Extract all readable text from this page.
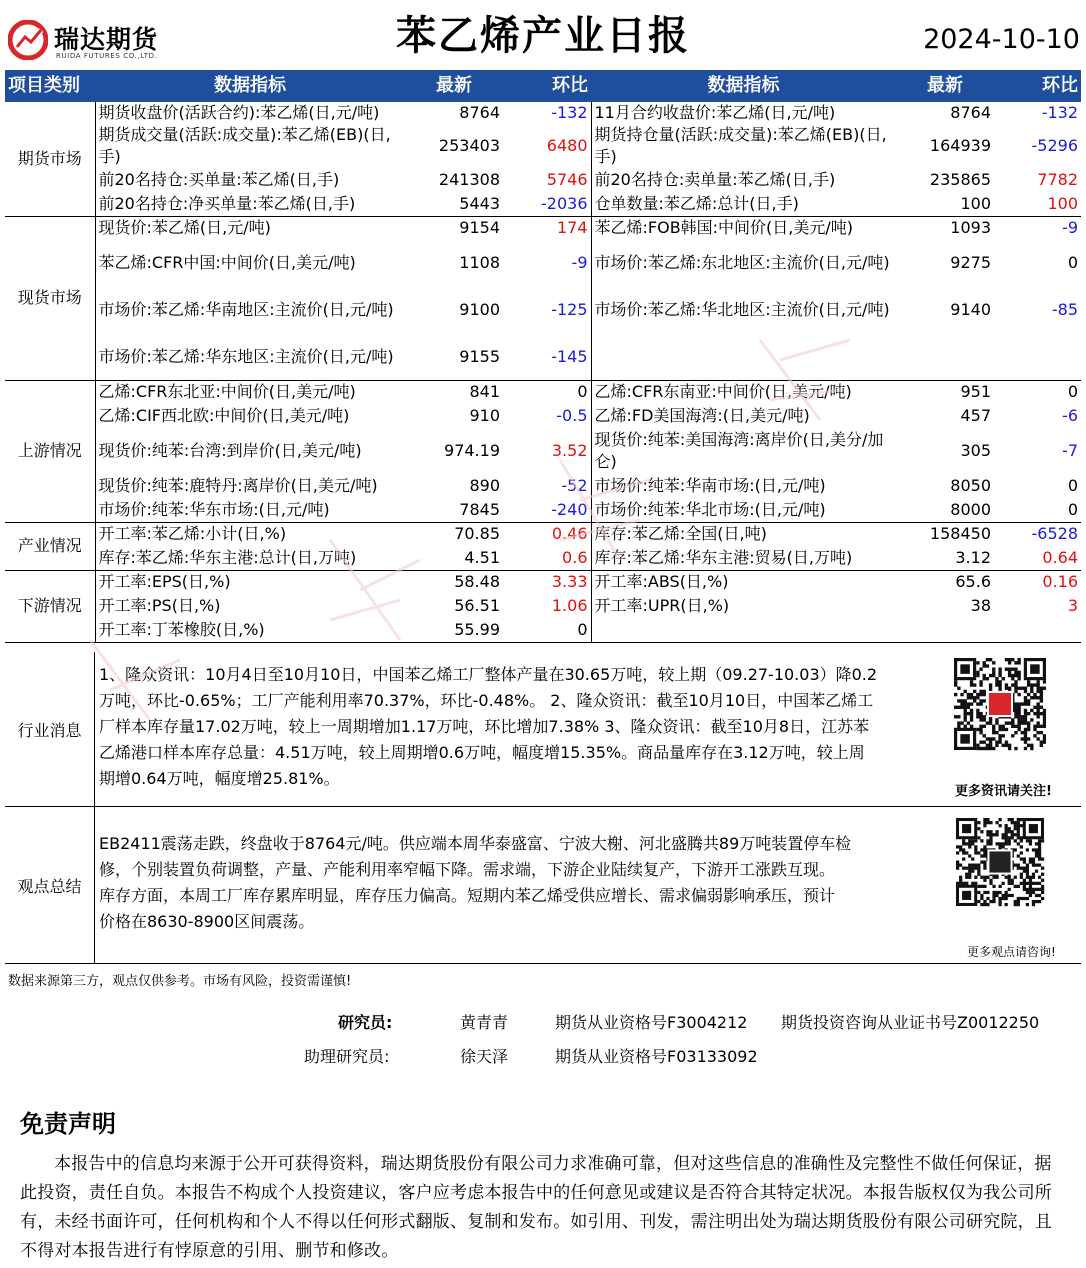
瑞达期货
RUIDA FUTURES CO.,LTD.	苯乙烯产业日报	2024-10-10
项目类别	数据指标	最新	环比	数据指标	最新	环比
期货市场	期货收盘价(活跃合约):苯乙烯(日,元/吨)	8764	-132	11月合约收盘价:苯乙烯(日,元/吨)	8764	-132
	期货成交量(活跃:成交量):苯乙烯(EB)(日,手)	253403	6480	期货持仓量(活跃:成交量):苯乙烯(EB)(日,手)	164939	-5296
	前20名持仓:买单量:苯乙烯(日,手)	241308	5746	前20名持仓:卖单量:苯乙烯(日,手)	235865	7782
	前20名持仓:净买单量:苯乙烯(日,手)	5443	-2036	仓单数量:苯乙烯:总计(日,手)	100	100
现货市场	现货价:苯乙烯(日,元/吨)	9154	174	苯乙烯:FOB韩国:中间价(日,美元/吨)	1093	-9
	苯乙烯:CFR中国:中间价(日,美元/吨)	1108	-9	市场价:苯乙烯:东北地区:主流价(日,元/吨)	9275	0
	市场价:苯乙烯:华南地区:主流价(日,元/吨)	9100	-125	市场价:苯乙烯:华北地区:主流价(日,元/吨)	9140	-85
	市场价:苯乙烯:华东地区:主流价(日,元/吨)	9155	-145			
上游情况	乙烯:CFR东北亚:中间价(日,美元/吨)	841	0	乙烯:CFR东南亚:中间价(日,美元/吨)	951	0
	乙烯:CIF西北欧:中间价(日,美元/吨)	910	-0.5	乙烯:FD美国海湾:(日,美元/吨)	457	-6
	现货价:纯苯:台湾:到岸价(日,美元/吨)	974.19	3.52	现货价:纯苯:美国海湾:离岸价(日,美分/加仑)	305	-7
	现货价:纯苯:鹿特丹:离岸价(日,美元/吨)	890	-52	市场价:纯苯:华南市场:(日,元/吨)	8050	0
	市场价:纯苯:华东市场:(日,元/吨)	7845	-240	市场价:纯苯:华北市场:(日,元/吨)	8000	0
产业情况	开工率:苯乙烯:小计(日,%)	70.85	0.46	库存:苯乙烯:全国(日,吨)	158450	-6528
	库存:苯乙烯:华东主港:总计(日,万吨)	4.51	0.6	库存:苯乙烯:华东主港:贸易(日,万吨)	3.12	0.64
下游情况	开工率:EPS(日,%)	58.48	3.33	开工率:ABS(日,%)	65.6	0.16
	开工率:PS(日,%)	56.51	1.06	开工率:UPR(日,%)	38	3
	开工率:丁苯橡胶(日,%)	55.99	0			
行业消息
1、隆众资讯：10月4日至10月10日，中国苯乙烯工厂整体产量在30.65万吨，较上期（09.27-10.03）降0.2
万吨，环比-0.65%；工厂产能利用率70.37%，环比-0.48%。 2、隆众资讯：截至10月10日，中国苯乙烯工
厂样本库存量17.02万吨，较上一周期增加1.17万吨，环比增加7.38% 3、隆众资讯：截至10月8日，江苏苯
乙烯港口样本库存总量：4.51万吨，较上周期增0.6万吨，幅度增15.35%。商品量库存在3.12万吨，较上周
期增0.64万吨，幅度增25.81%。
更多资讯请关注!
观点总结
EB2411震荡走跌，终盘收于8764元/吨。供应端本周华泰盛富、宁波大榭、河北盛腾共89万吨装置停车检
修，个别装置负荷调整，产量、产能利用率窄幅下降。需求端，下游企业陆续复产，下游开工涨跌互现。
库存方面，本周工厂库存累库明显，库存压力偏高。短期内苯乙烯受供应增长、需求偏弱影响承压，预计
价格在8630-8900区间震荡。
更多观点请咨询!
数据来源第三方，观点仅供参考。市场有风险，投资需谨慎!
研究员:	黄青青	期货从业资格号F3004212 期货投资咨询从业证书号Z0012250
助理研究员:	徐天泽	期货从业资格号F03133092
免责声明
本报告中的信息均来源于公开可获得资料，瑞达期货股份有限公司力求准确可靠，但对这些信息的准确性及完整性不做任何保证，据此投资，责任自负。本报告不构成个人投资建议，客户应考虑本报告中的任何意见或建议是否符合其特定状况。本报告版权仅为我公司所有，未经书面许可，任何机构和个人不得以任何形式翻版、复制和发布。如引用、刊发，需注明出处为瑞达期货股份有限公司研究院，且不得对本报告进行有悖原意的引用、删节和修改。
